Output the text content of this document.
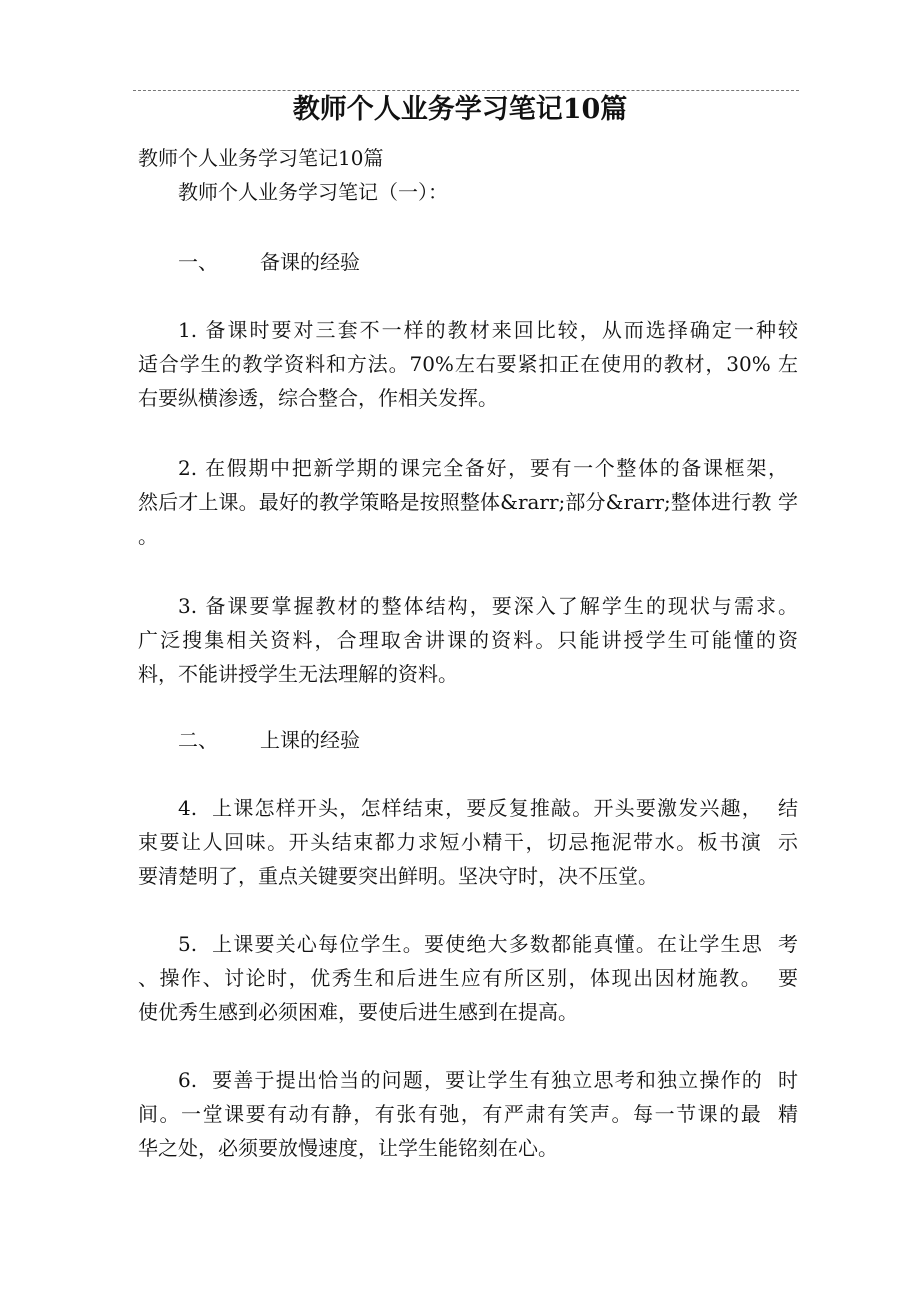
教师个人业务学习笔记10篇
教师个人业务学习笔记10篇
教师个人业务学习笔记（一）：
一、 备课的经验
1. 备课时要对三套不一样的教材来回比较，从而选择确定一种较
适合学生的教学资料和方法。70%左右要紧扣正在使用的教材，30% 左
右要纵横渗透，综合整合，作相关发挥。
2. 在假期中把新学期的课完全备好，要有一个整体的备课框架，
然后才上课。最好的教学策略是按照整体&rarr;部分&rarr;整体进行教 学
。
3. 备课要掌握教材的整体结构，要深入了解学生的现状与需求。
广泛搜集相关资料，合理取舍讲课的资料。只能讲授学生可能懂的资
料，不能讲授学生无法理解的资料。
二、 上课的经验
4.  上课怎样开头，怎样结束，要反复推敲。开头要激发兴趣，  结
束要让人回味。开头结束都力求短小精干，切忌拖泥带水。板书演  示
要清楚明了，重点关键要突出鲜明。坚决守时，决不压堂。
5.  上课要关心每位学生。要使绝大多数都能真懂。在让学生思  考
、操作、讨论时，优秀生和后进生应有所区别，体现出因材施教。  要
使优秀生感到必须困难，要使后进生感到在提高。
6.  要善于提出恰当的问题，要让学生有独立思考和独立操作的  时
间。一堂课要有动有静，有张有弛，有严肃有笑声。每一节课的最  精
华之处，必须要放慢速度，让学生能铭刻在心。
